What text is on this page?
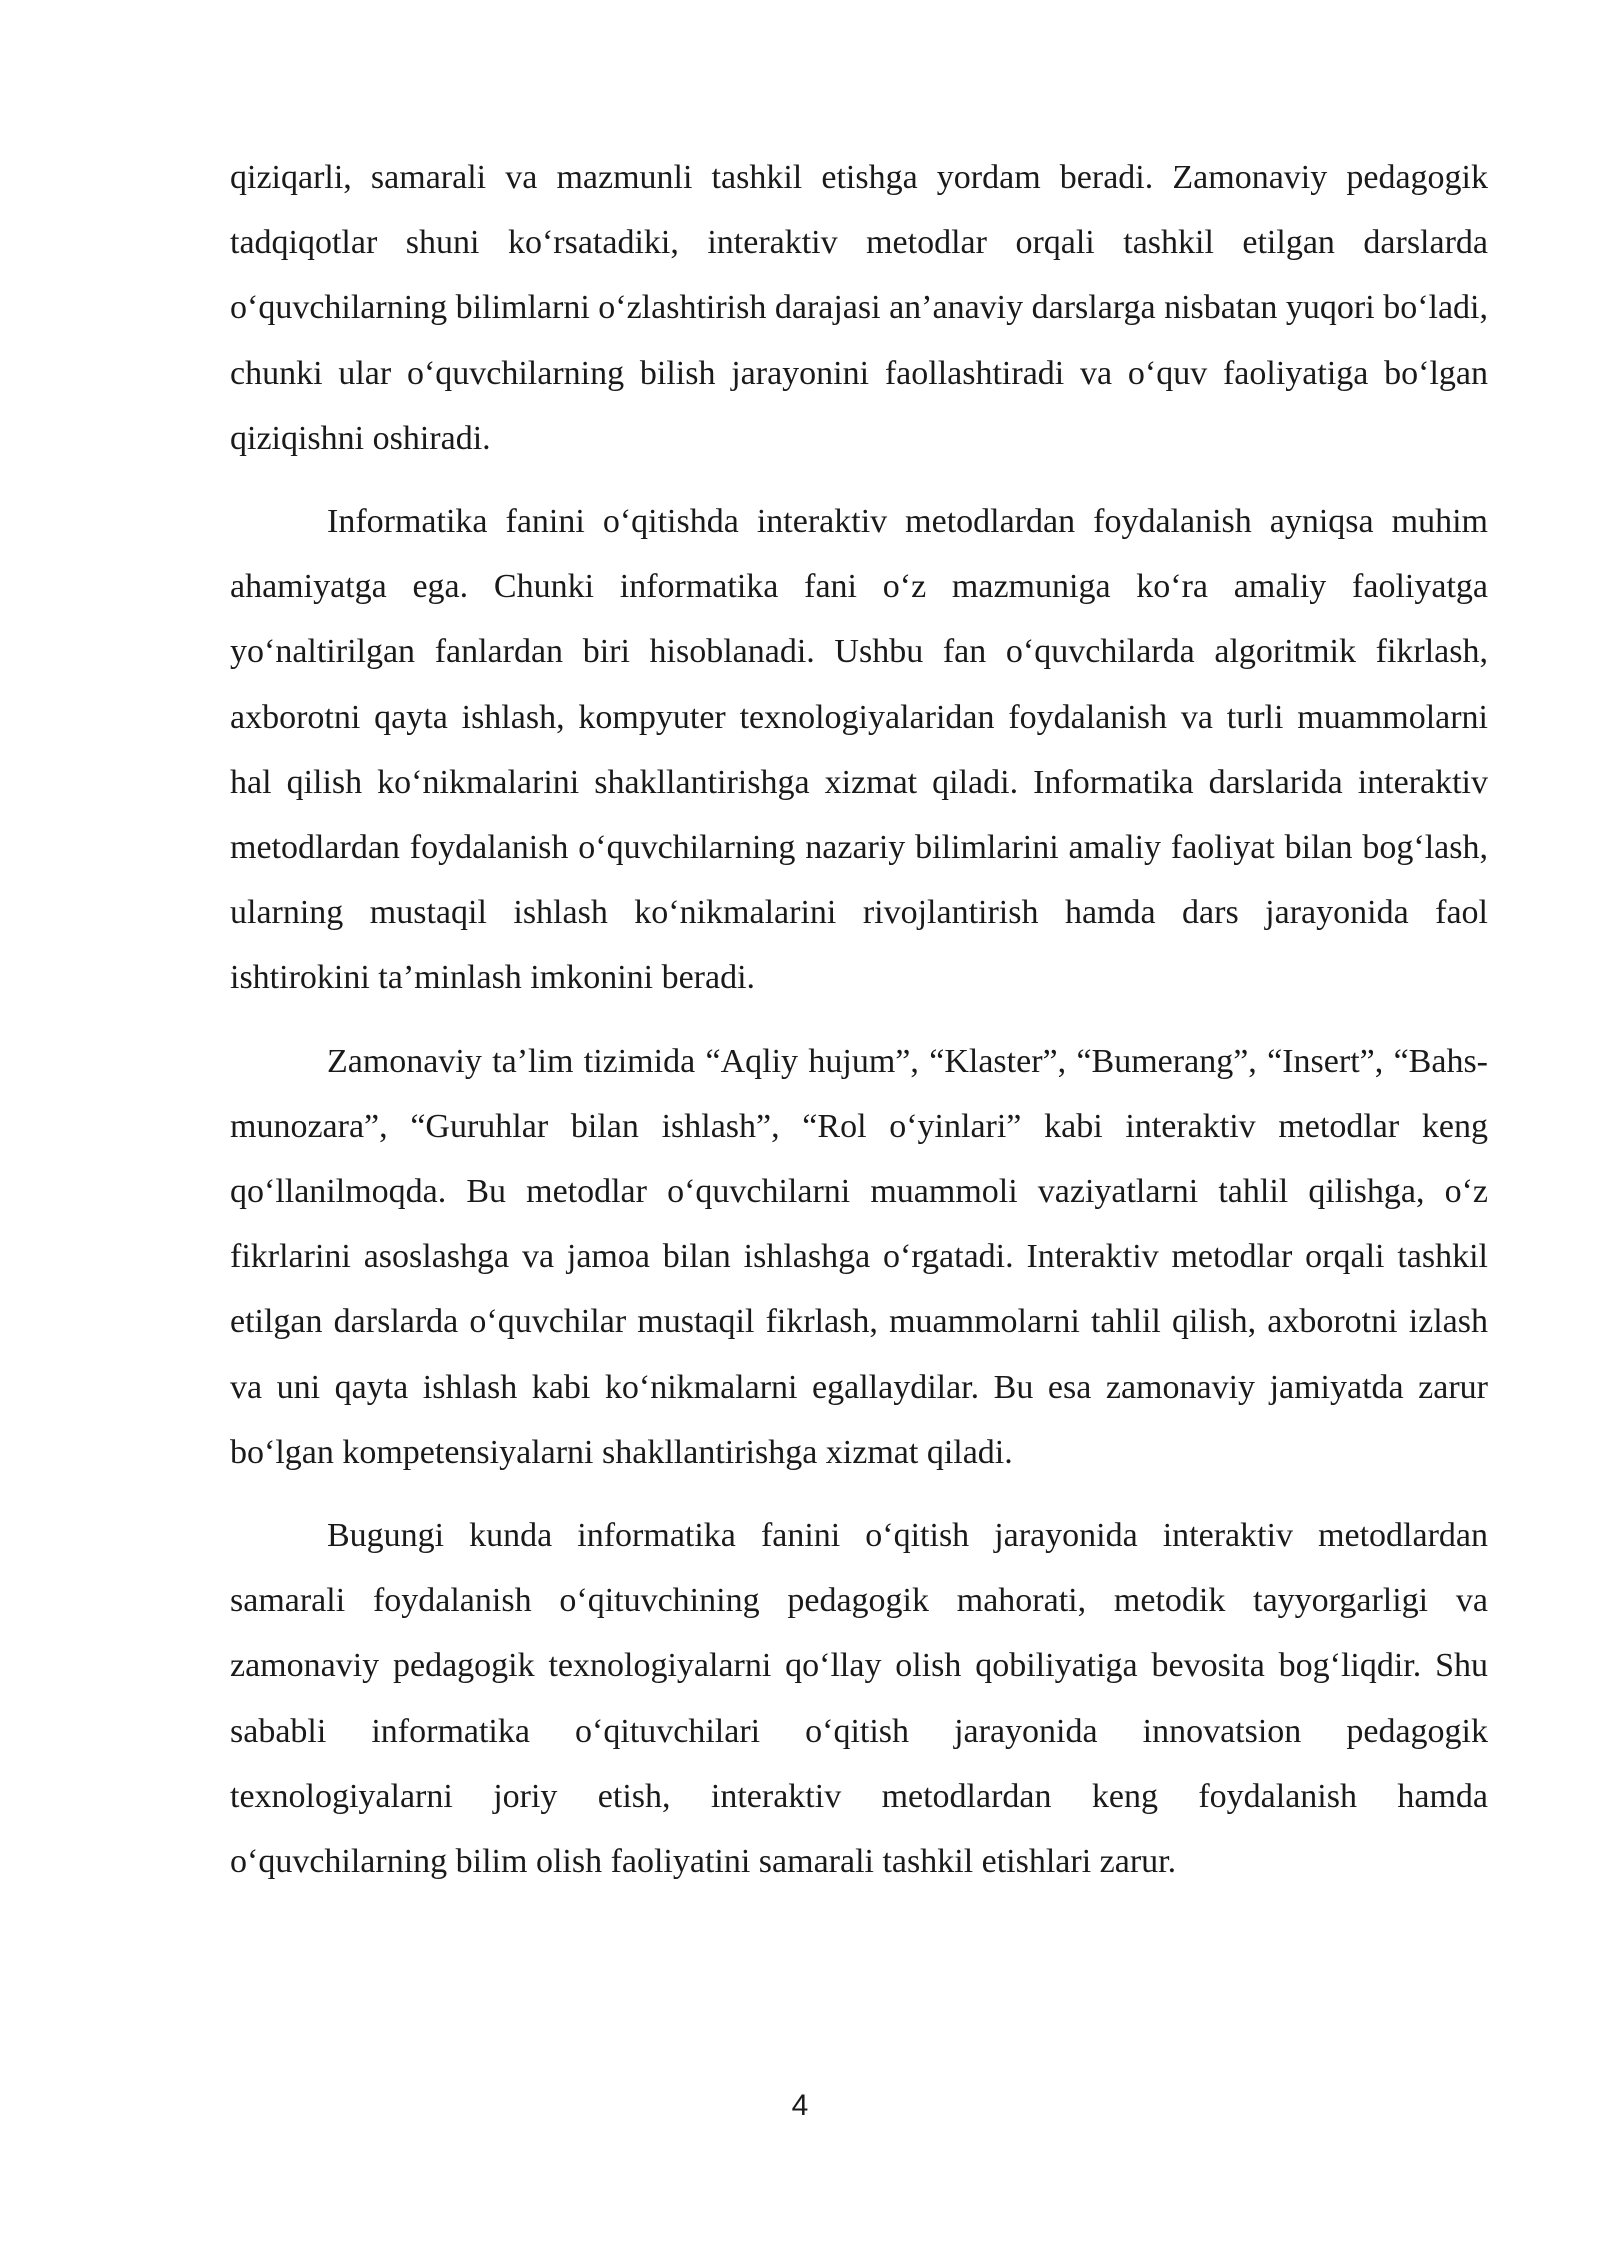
qiziqarli, samarali va mazmunli tashkil etishga yordam beradi. Zamonaviy pedagogik tadqiqotlar shuni koʻrsatadiki, interaktiv metodlar orqali tashkil etilgan darslarda oʻquvchilarning bilimlarni oʻzlashtirish darajasi an’anaviy darslarga nisbatan yuqori boʻladi, chunki ular oʻquvchilarning bilish jarayonini faollashtiradi va oʻquv faoliyatiga boʻlgan qiziqishni oshiradi.

Informatika fanini oʻqitishda interaktiv metodlardan foydalanish ayniqsa muhim ahamiyatga ega. Chunki informatika fani oʻz mazmuniga koʻra amaliy faoliyatga yoʻnaltirilgan fanlardan biri hisoblanadi. Ushbu fan oʻquvchilarda algoritmik fikrlash, axborotni qayta ishlash, kompyuter texnologiyalaridan foydalanish va turli muammolarni hal qilish koʻnikmalarini shakllantirishga xizmat qiladi. Informatika darslarida interaktiv metodlardan foydalanish oʻquvchilarning nazariy bilimlarini amaliy faoliyat bilan bogʻlash, ularning mustaqil ishlash koʻnikmalarini rivojlantirish hamda dars jarayonida faol ishtirokini ta’minlash imkonini beradi.

Zamonaviy ta’lim tizimida “Aqliy hujum”, “Klaster”, “Bumerang”, “Insert”, “Bahs-munozara”, “Guruhlar bilan ishlash”, “Rol oʻyinlari” kabi interaktiv metodlar keng qoʻllanilmoqda. Bu metodlar oʻquvchilarni muammoli vaziyatlarni tahlil qilishga, oʻz fikrlarini asoslashga va jamoa bilan ishlashga oʻrgatadi. Interaktiv metodlar orqali tashkil etilgan darslarda oʻquvchilar mustaqil fikrlash, muammolarni tahlil qilish, axborotni izlash va uni qayta ishlash kabi koʻnikmalarni egallaydilar. Bu esa zamonaviy jamiyatda zarur boʻlgan kompetensiyalarni shakllantirishga xizmat qiladi.

Bugungi kunda informatika fanini oʻqitish jarayonida interaktiv metodlardan samarali foydalanish oʻqituvchining pedagogik mahorati, metodik tayyorgarligi va zamonaviy pedagogik texnologiyalarni qoʻllay olish qobiliyatiga bevosita bogʻliqdir. Shu sababli informatika oʻqituvchilari oʻqitish jarayonida innovatsion pedagogik texnologiyalarni joriy etish, interaktiv metodlardan keng foydalanish hamda oʻquvchilarning bilim olish faoliyatini samarali tashkil etishlari zarur.

4
